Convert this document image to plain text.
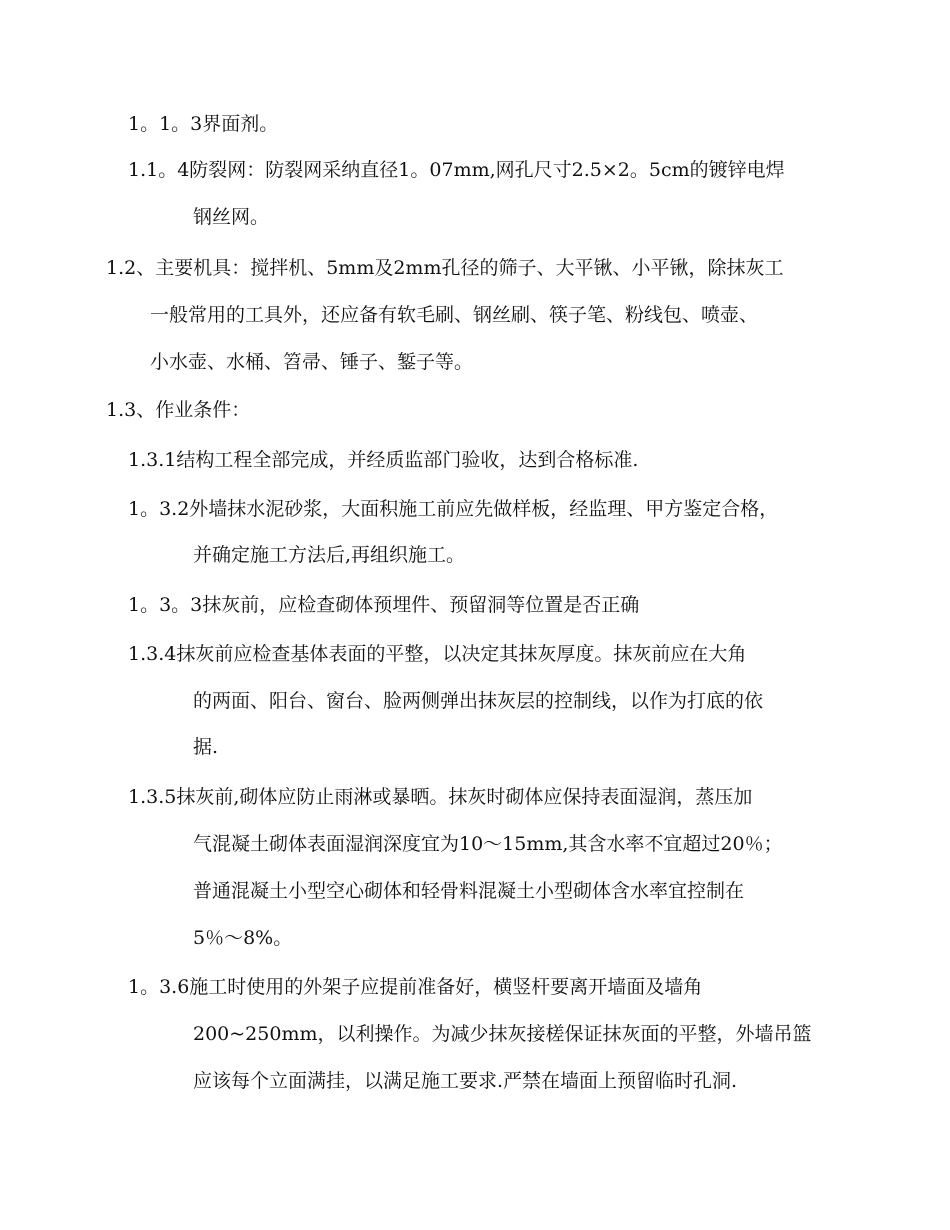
1。1。3界面剂。
1.1。4防裂网：防裂网采纳直径1。07mm,网孔尺寸2.5×2。5cm的镀锌电焊
钢丝网。
1.2、主要机具：搅拌机、5mm及2mm孔径的筛子、大平锹、小平锹，除抹灰工
一般常用的工具外，还应备有软毛刷、钢丝刷、筷子笔、粉线包、喷壶、
小水壶、水桶、笤帚、锤子、錾子等。
1.3、作业条件：
1.3.1结构工程全部完成，并经质监部门验收，达到合格标准.
1。3.2外墙抹水泥砂浆，大面积施工前应先做样板，经监理、甲方鉴定合格，
并确定施工方法后,再组织施工。
1。3。3抹灰前，应检查砌体预埋件、预留洞等位置是否正确
1.3.4抹灰前应检查基体表面的平整，以决定其抹灰厚度。抹灰前应在大角
的两面、阳台、窗台、脸两侧弹出抹灰层的控制线，以作为打底的依
据.
1.3.5抹灰前,砌体应防止雨淋或暴晒。抹灰时砌体应保持表面湿润，蒸压加
气混凝土砌体表面湿润深度宜为10～15mm,其含水率不宜超过20％；
普通混凝土小型空心砌体和轻骨料混凝土小型砌体含水率宜控制在
5％～8%。
1。3.6施工时使用的外架子应提前准备好，横竖杆要离开墙面及墙角
200~250mm，以利操作。为减少抹灰接槎保证抹灰面的平整，外墙吊篮
应该每个立面满挂，以满足施工要求.严禁在墙面上预留临时孔洞.
